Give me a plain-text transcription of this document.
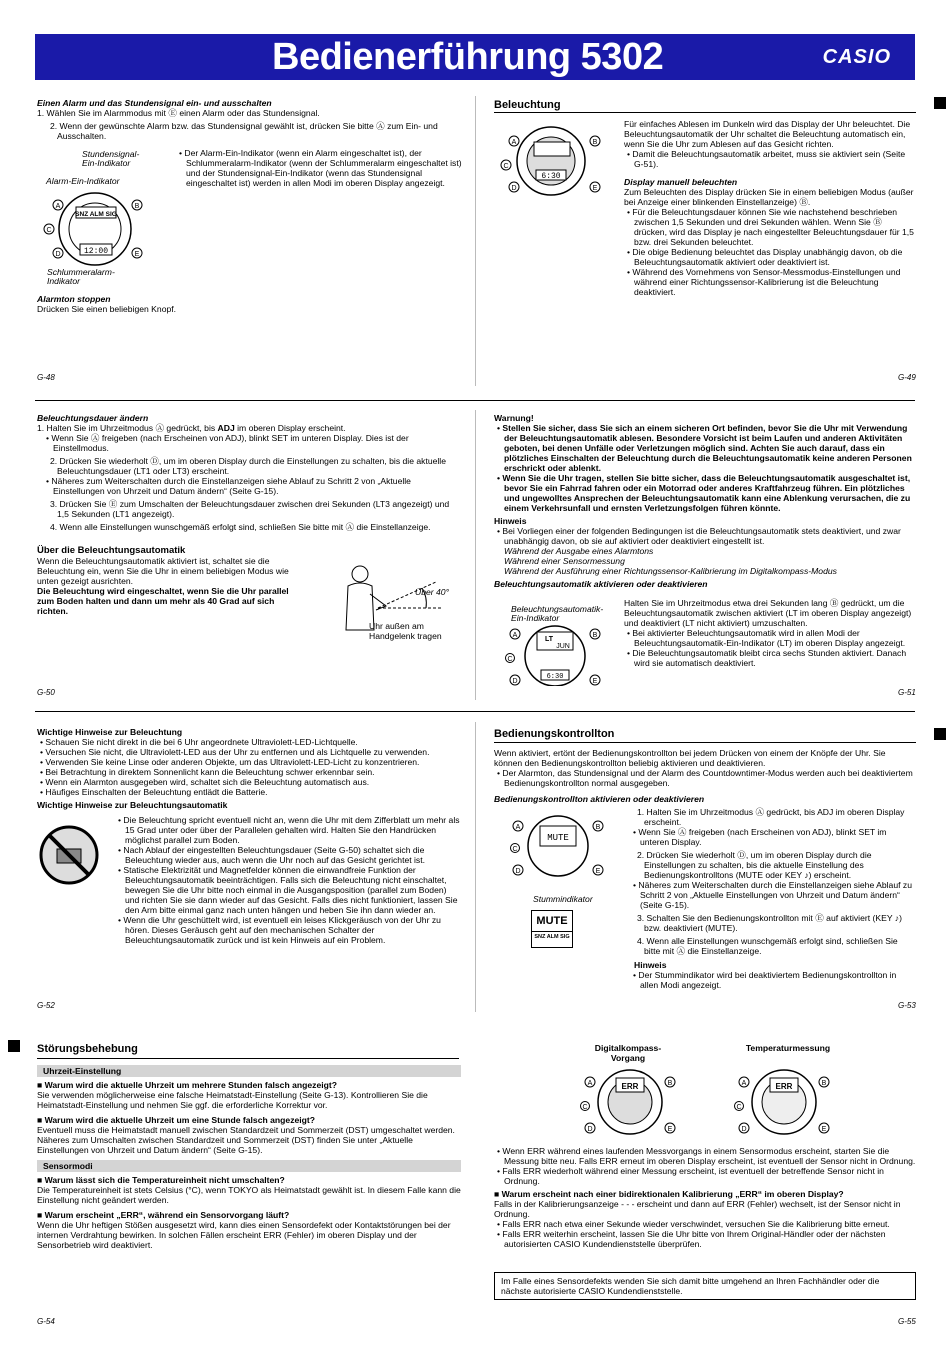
Bedienerführung 5302	CASIO

Einen Alarm und das Stundensignal ein- und ausschalten

1. Wählen Sie im Alarmmodus mit Ⓔ einen Alarm oder das Stundensignal.

2. Wenn der gewünschte Alarm bzw. das Stundensignal gewählt ist, drücken Sie bitte Ⓐ zum Ein- und Ausschalten.

Stundensignal-Ein-Indikator
Alarm-Ein-Indikator
SNZ ALM SIG
12:00
A	B
C
D	E
Schlummeralarm-Indikator
• Der Alarm-Ein-Indikator (wenn ein Alarm eingeschaltet ist), der Schlummeralarm-Indikator (wenn der Schlummeralarm eingeschaltet ist) und der Stundensignal-Ein-Indikator (wenn das Stundensignal eingeschaltet ist) werden in allen Modi im oberen Display angezeigt.

Alarmton stoppen

Drücken Sie einen beliebigen Knopf.

G-48
Beleuchtung
6:30
A	B
C
D	E

Für einfaches Ablesen im Dunkeln wird das Display der Uhr beleuchtet. Die Beleuchtungsautomatik der Uhr schaltet die Beleuchtung automatisch ein, wenn Sie die Uhr zum Ablesen auf das Gesicht richten.

• Damit die Beleuchtungsautomatik arbeitet, muss sie aktiviert sein (Seite G-51).

Display manuell beleuchten

Zum Beleuchten des Display drücken Sie in einem beliebigen Modus (außer bei Anzeige einer blinkenden Einstellanzeige) Ⓑ.

• Für die Beleuchtungsdauer können Sie wie nachstehend beschrieben zwischen 1,5 Sekunden und drei Sekunden wählen. Wenn Sie Ⓑ drücken, wird das Display je nach eingestellter Beleuchtungsdauer für 1,5 bzw. drei Sekunden beleuchtet.

• Die obige Bedienung beleuchtet das Display unabhängig davon, ob die Beleuchtungsautomatik aktiviert oder deaktiviert ist.

• Während des Vornehmens von Sensor-Messmodus-Einstellungen und während einer Richtungssensor-Kalibrierung ist die Beleuchtung deaktiviert.

G-49

Beleuchtungsdauer ändern

1. Halten Sie im Uhrzeitmodus Ⓐ gedrückt, bis ADJ im oberen Display erscheint.

• Wenn Sie Ⓐ freigeben (nach Erscheinen von ADJ), blinkt SET im unteren Display. Dies ist der Einstellmodus.

2. Drücken Sie wiederholt Ⓓ, um im oberen Display durch die Einstellungen zu schalten, bis die aktuelle Beleuchtungsdauer (LT1 oder LT3) erscheint.

• Näheres zum Weiterschalten durch die Einstellanzeigen siehe Ablauf zu Schritt 2 von „Aktuelle Einstellungen von Uhrzeit und Datum ändern“ (Seite G-15).

3. Drücken Sie Ⓔ zum Umschalten der Beleuchtungsdauer zwischen drei Sekunden (LT3 angezeigt) und 1,5 Sekunden (LT1 angezeigt).

4. Wenn alle Einstellungen wunschgemäß erfolgt sind, schließen Sie bitte mit Ⓐ die Einstellanzeige.

Über die Beleuchtungsautomatik

Wenn die Beleuchtungsautomatik aktiviert ist, schaltet sie die Beleuchtung ein, wenn Sie die Uhr in einem beliebigen Modus wie unten gezeigt ausrichten.

Die Beleuchtung wird eingeschaltet, wenn Sie die Uhr parallel zum Boden halten und dann um mehr als 40 Grad auf sich richten.

Über 40°
Uhr außen am Handgelenk tragen
G-50

Warnung!

• Stellen Sie sicher, dass Sie sich an einem sicheren Ort befinden, bevor Sie die Uhr mit Verwendung der Beleuchtungsautomatik ablesen. Besondere Vorsicht ist beim Laufen und anderen Aktivitäten geboten, bei denen Unfälle oder Verletzungen möglich sind. Achten Sie auch darauf, dass ein plötzliches Einschalten der Beleuchtung durch die Beleuchtungsautomatik keine anderen Personen erschrickt oder ablenkt.

• Wenn Sie die Uhr tragen, stellen Sie bitte sicher, dass die Beleuchtungsautomatik ausgeschaltet ist, bevor Sie ein Fahrrad fahren oder ein Motorrad oder anderes Kraftfahrzeug führen. Ein plötzliches und ungewolltes Ansprechen der Beleuchtungsautomatik kann eine Ablenkung verursachen, die zu einem Verkehrsunfall und ernsten Verletzungsfolgen führen könnte.

Hinweis

• Bei Vorliegen einer der folgenden Bedingungen ist die Beleuchtungsautomatik stets deaktiviert, und zwar unabhängig davon, ob sie auf aktiviert oder deaktiviert eingestellt ist.

Während der Ausgabe eines Alarmtons

Während einer Sensormessung

Während der Ausführung einer Richtungssensor-Kalibrierung im Digitalkompass-Modus

Beleuchtungsautomatik aktivieren oder deaktivieren

Beleuchtungsautomatik-Ein-Indikator
LT
JUN
6:30
A	B
C
D	E

Halten Sie im Uhrzeitmodus etwa drei Sekunden lang Ⓑ gedrückt, um die Beleuchtungsautomatik zwischen aktiviert (LT im oberen Display angezeigt) und deaktiviert (LT nicht aktiviert) umzuschalten.

• Bei aktivierter Beleuchtungsautomatik wird in allen Modi der Beleuchtungsautomatik-Ein-Indikator (LT) im oberen Display angezeigt.

• Die Beleuchtungsautomatik bleibt circa sechs Stunden aktiviert. Danach wird sie automatisch deaktiviert.

G-51

Wichtige Hinweise zur Beleuchtung

• Schauen Sie nicht direkt in die bei 6 Uhr angeordnete Ultraviolett-LED-Lichtquelle.

• Versuchen Sie nicht, die Ultraviolett-LED aus der Uhr zu entfernen und als Lichtquelle zu verwenden.

• Verwenden Sie keine Linse oder anderen Objekte, um das Ultraviolett-LED-Licht zu konzentrieren.

• Bei Betrachtung in direktem Sonnenlicht kann die Beleuchtung schwer erkennbar sein.

• Wenn ein Alarmton ausgegeben wird, schaltet sich die Beleuchtung automatisch aus.

• Häufiges Einschalten der Beleuchtung entlädt die Batterie.

Wichtige Hinweise zur Beleuchtungsautomatik

• Die Beleuchtung spricht eventuell nicht an, wenn die Uhr mit dem Zifferblatt um mehr als 15 Grad unter oder über der Parallelen gehalten wird. Halten Sie den Handrücken möglichst parallel zum Boden.

• Nach Ablauf der eingestellten Beleuchtungsdauer (Seite G-50) schaltet sich die Beleuchtung wieder aus, auch wenn die Uhr noch auf das Gesicht gerichtet ist.

• Statische Elektrizität und Magnetfelder können die einwandfreie Funktion der Beleuchtungsautomatik beeinträchtigen. Falls sich die Beleuchtung nicht einschaltet, bewegen Sie die Uhr bitte noch einmal in die Ausgangsposition (parallel zum Boden) und richten Sie sie dann wieder auf das Gesicht. Falls dies nicht funktioniert, lassen Sie den Arm bitte einmal ganz nach unten hängen und heben Sie ihn dann wieder an.

• Wenn die Uhr geschüttelt wird, ist eventuell ein leises Klickgeräusch von der Uhr zu hören. Dieses Geräusch geht auf den mechanischen Schalter der Beleuchtungsautomatik zurück und ist kein Hinweis auf ein Problem.

G-52
Bedienungskontrollton

Wenn aktiviert, ertönt der Bedienungskontrollton bei jedem Drücken von einem der Knöpfe der Uhr. Sie können den Bedienungskontrollton beliebig aktivieren und deaktivieren.

• Der Alarmton, das Stundensignal und der Alarm des Countdowntimer-Modus werden auch bei deaktiviertem Bedienungskontrollton normal ausgegeben.

Bedienungskontrollton aktivieren oder deaktivieren

MUTE
A	B
C
D	E
Stummindikator
MUTE
SNZ ALM SIG

1. Halten Sie im Uhrzeitmodus Ⓐ gedrückt, bis ADJ im oberen Display erscheint.

• Wenn Sie Ⓐ freigeben (nach Erscheinen von ADJ), blinkt SET im unteren Display.

2. Drücken Sie wiederholt Ⓓ, um im oberen Display durch die Einstellungen zu schalten, bis die aktuelle Einstellung des Bedienungskontrolltons (MUTE oder KEY ♪) erscheint.

• Näheres zum Weiterschalten durch die Einstellanzeigen siehe Ablauf zu Schritt 2 von „Aktuelle Einstellungen von Uhrzeit und Datum ändern“ (Seite G-15).

3. Schalten Sie den Bedienungskontrollton mit Ⓔ auf aktiviert (KEY ♪) bzw. deaktiviert (MUTE).

4. Wenn alle Einstellungen wunschgemäß erfolgt sind, schließen Sie bitte mit Ⓐ die Einstellanzeige.

Hinweis

• Der Stummindikator wird bei deaktiviertem Bedienungskontrollton in allen Modi angezeigt.

G-53
Störungsbehebung
Uhrzeit-Einstellung

■ Warum wird die aktuelle Uhrzeit um mehrere Stunden falsch angezeigt?

Sie verwenden möglicherweise eine falsche Heimatstadt-Einstellung (Seite G-13). Kontrollieren Sie die Heimatstadt-Einstellung und nehmen Sie ggf. die erforderliche Korrektur vor.

■ Warum wird die aktuelle Uhrzeit um eine Stunde falsch angezeigt?

Eventuell muss die Heimatstadt manuell zwischen Standardzeit und Sommerzeit (DST) umgeschaltet werden. Näheres zum Umschalten zwischen Standardzeit und Sommerzeit (DST) finden Sie unter „Aktuelle Einstellungen von Uhrzeit und Datum ändern“ (Seite G-15).

Sensormodi

■ Warum lässt sich die Temperatureinheit nicht umschalten?

Die Temperatureinheit ist stets Celsius (°C), wenn TOKYO als Heimatstadt gewählt ist. In diesem Falle kann die Einstellung nicht geändert werden.

■ Warum erscheint „ERR“, während ein Sensorvorgang läuft?

Wenn die Uhr heftigen Stößen ausgesetzt wird, kann dies einen Sensordefekt oder Kontaktstörungen bei der internen Verdrahtung bewirken. In solchen Fällen erscheint ERR (Fehler) im oberen Display und der Sensorbetrieb wird deaktiviert.

G-54
Digitalkompass-Vorgang
Temperaturmessung
ERR
A	B
C
D	E
ERR
A	B
C
D	E

• Wenn ERR während eines laufenden Messvorgangs in einem Sensormodus erscheint, starten Sie die Messung bitte neu. Falls ERR erneut im oberen Display erscheint, ist eventuell der Sensor nicht in Ordnung.

• Falls ERR wiederholt während einer Messung erscheint, ist eventuell der betreffende Sensor nicht in Ordnung.

■ Warum erscheint nach einer bidirektionalen Kalibrierung „ERR“ im oberen Display?

Falls in der Kalibrierungsanzeige - - - erscheint und dann auf ERR (Fehler) wechselt, ist der Sensor nicht in Ordnung.

• Falls ERR nach etwa einer Sekunde wieder verschwindet, versuchen Sie die Kalibrierung bitte erneut.

• Falls ERR weiterhin erscheint, lassen Sie die Uhr bitte von Ihrem Original-Händler oder der nächsten autorisierten CASIO Kundendienststelle überprüfen.

Im Falle eines Sensordefekts wenden Sie sich damit bitte umgehend an Ihren Fachhändler oder die nächste autorisierte CASIO Kundendienststelle.
G-55
